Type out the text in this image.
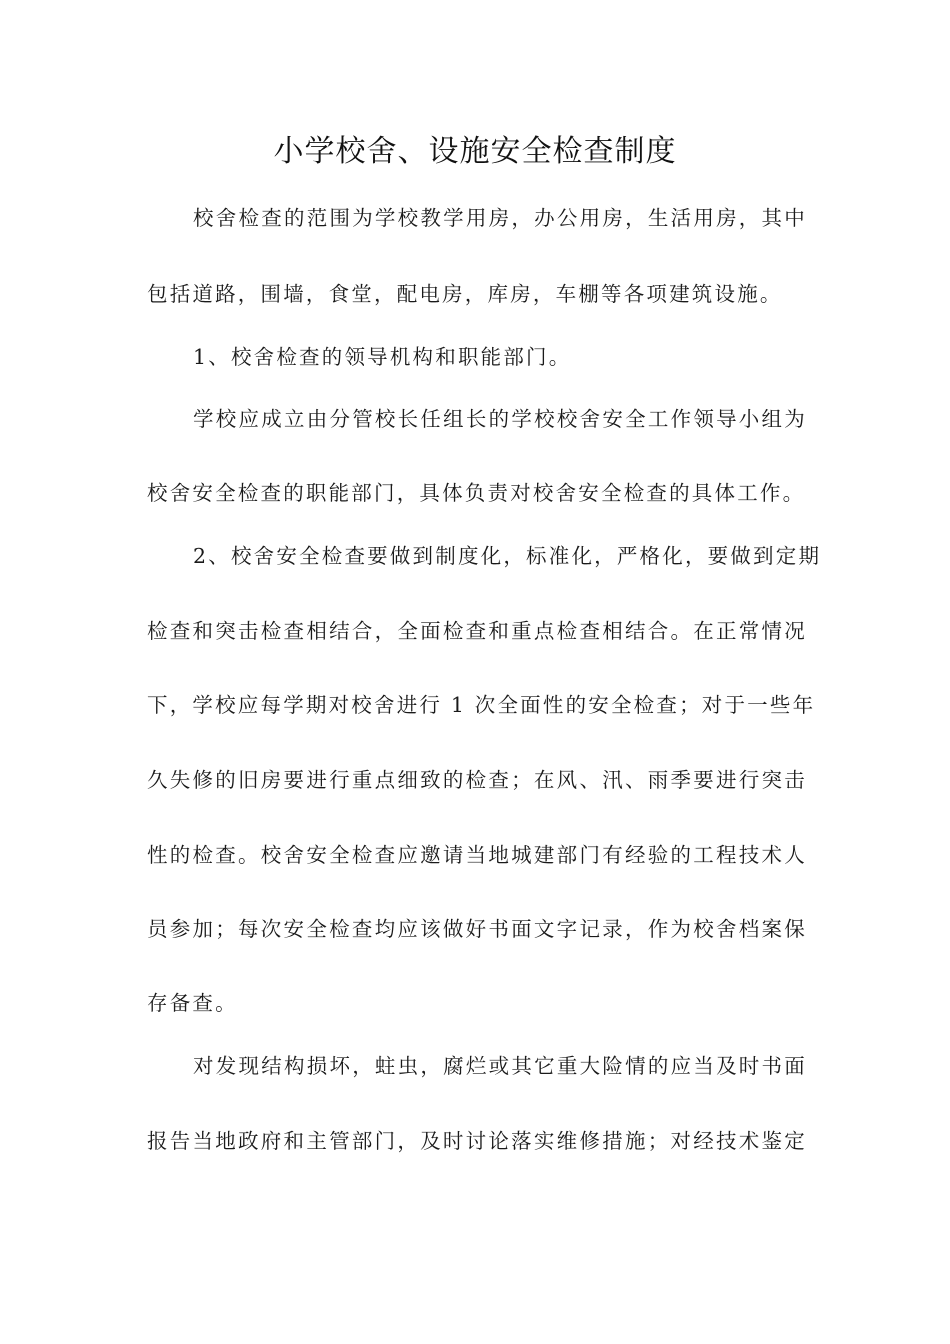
小学校舍、设施安全检查制度
校舍检查的范围为学校教学用房，办公用房，生活用房，其中
包括道路，围墙，食堂，配电房，库房，车棚等各项建筑设施。
1、校舍检查的领导机构和职能部门。
学校应成立由分管校长任组长的学校校舍安全工作领导小组为
校舍安全检查的职能部门，具体负责对校舍安全检查的具体工作。
2、校舍安全检查要做到制度化，标准化，严格化，要做到定期
检查和突击检查相结合，全面检查和重点检查相结合。在正常情况
下，学校应每学期对校舍进行 1 次全面性的安全检查；对于一些年
久失修的旧房要进行重点细致的检查；在风、汛、雨季要进行突击
性的检查。校舍安全检查应邀请当地城建部门有经验的工程技术人
员参加；每次安全检查均应该做好书面文字记录，作为校舍档案保
存备查。
对发现结构损坏，蛀虫，腐烂或其它重大险情的应当及时书面
报告当地政府和主管部门，及时讨论落实维修措施；对经技术鉴定
